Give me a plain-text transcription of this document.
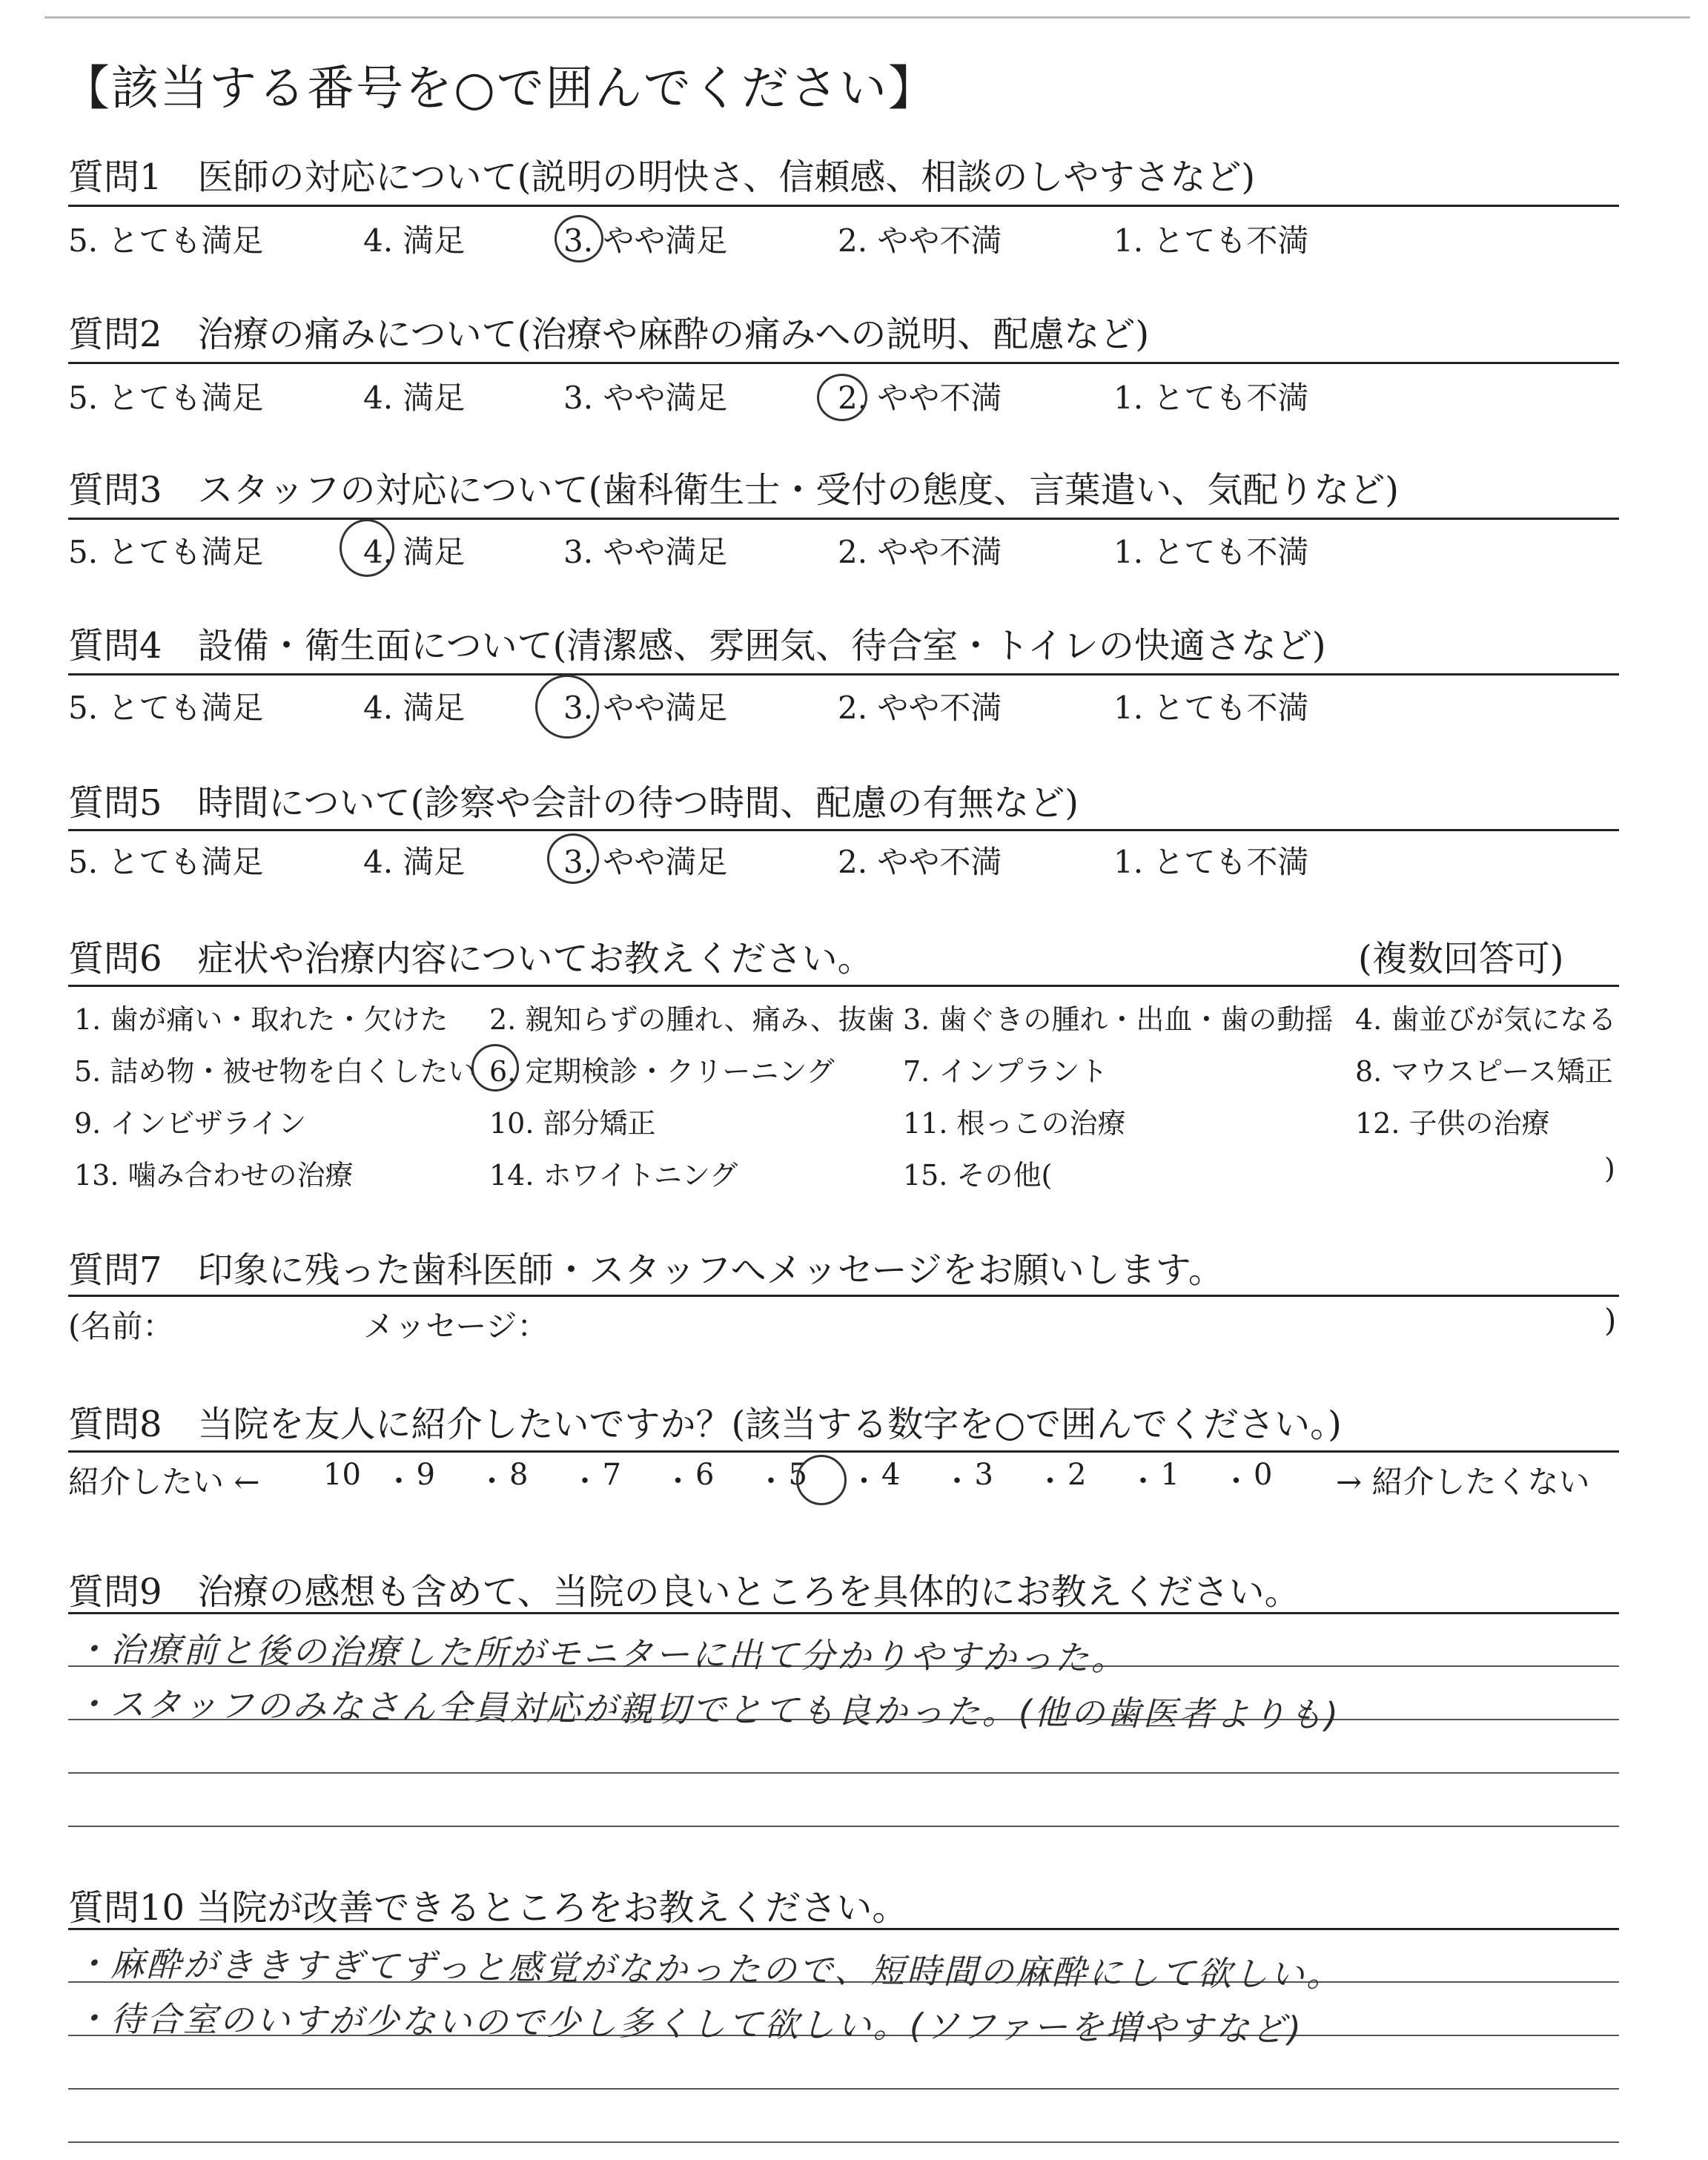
【該当する番号を○で囲んでください】
質問1　医師の対応について(説明の明快さ、信頼感、相談のしやすさなど)
5. とても満足	4. 満足	3. やや満足	2. やや不満	1. とても不満
質問2　治療の痛みについて(治療や麻酔の痛みへの説明、配慮など)
5. とても満足	4. 満足	3. やや満足	2. やや不満	1. とても不満
質問3　スタッフの対応について(歯科衛生士・受付の態度、言葉遣い、気配りなど)
5. とても満足	4. 満足	3. やや満足	2. やや不満	1. とても不満
質問4　設備・衛生面について(清潔感、雰囲気、待合室・トイレの快適さなど)
5. とても満足	4. 満足	3. やや満足	2. やや不満	1. とても不満
質問5　時間について(診察や会計の待つ時間、配慮の有無など)
5. とても満足	4. 満足	3. やや満足	2. やや不満	1. とても不満
質問6　症状や治療内容についてお教えください。	(複数回答可)
1. 歯が痛い・取れた・欠けた 2. 親知らずの腫れ、痛み、抜歯 3. 歯ぐきの腫れ・出血・歯の動揺 4. 歯並びが気になる
5. 詰め物・被せ物を白くしたい 6. 定期検診・クリーニング 7. インプラント	8. マウスピース矯正
9. インビザライン	10. 部分矯正	11. 根っこの治療	12. 子供の治療
13. 噛み合わせの治療	14. ホワイトニング	15. その他(	)
質問7　印象に残った歯科医師・スタッフへメッセージをお願いします。
(名前：	メッセージ：	)
質問8　当院を友人に紹介したいですか？(該当する数字を○で囲んでください。)
紹介したい ← 10 ・ 9 ・ 8 ・ 7 ・ 6 ・ 5 ・ 4 ・ 3 ・ 2 ・ 1 ・ 0 → 紹介したくない
質問9　治療の感想も含めて、当院の良いところを具体的にお教えください。
・治療前と後の治療した所がモニターに出て分かりやすかった。
・スタッフのみなさん全員対応が親切でとても良かった。(他の歯医者よりも)
質問10 当院が改善できるところをお教えください。
・麻酔がききすぎてずっと感覚がなかったので、短時間の麻酔にして欲しい。
・待合室のいすが少ないので少し多くして欲しい。(ソファーを増やすなど)
